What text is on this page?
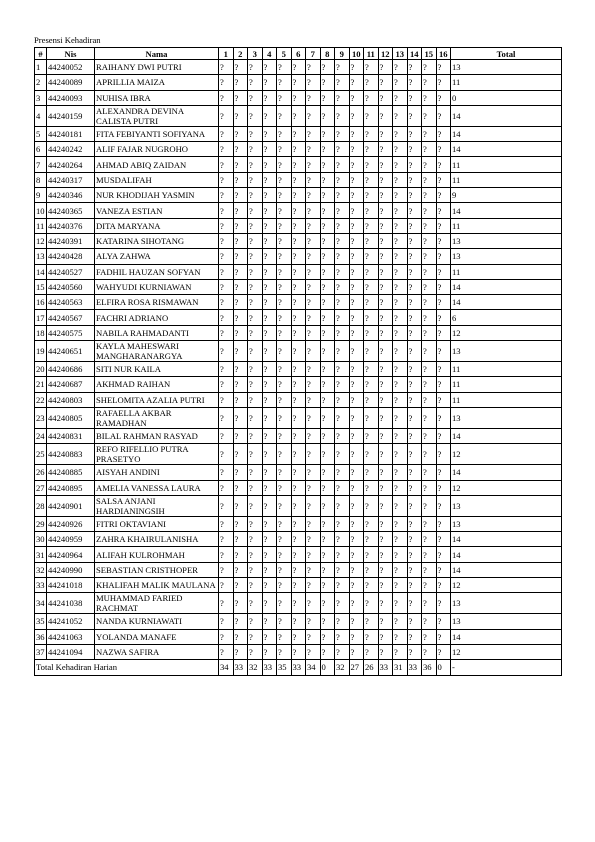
Presensi Kehadiran
#	Nis	Nama	1	2	3	4	5	6	7	8	9	10	11	12	13	14	15	16	Total
1	44240052	RAIHANY DWI PUTRI	?	?	?	?	?	?	?	?	?	?	?	?	?	?	?	?	13
2	44240089	APRILLIA MAIZA	?	?	?	?	?	?	?	?	?	?	?	?	?	?	?	?	11
3	44240093	NUHISA IBRA	?	?	?	?	?	?	?	?	?	?	?	?	?	?	?	?	0
4	44240159	ALEXANDRA DEVINA CALISTA PUTRI	?	?	?	?	?	?	?	?	?	?	?	?	?	?	?	?	14
5	44240181	FITA FEBIYANTI SOFIYANA	?	?	?	?	?	?	?	?	?	?	?	?	?	?	?	?	14
6	44240242	ALIF FAJAR NUGROHO	?	?	?	?	?	?	?	?	?	?	?	?	?	?	?	?	14
7	44240264	AHMAD ABIQ ZAIDAN	?	?	?	?	?	?	?	?	?	?	?	?	?	?	?	?	11
8	44240317	MUSDALIFAH	?	?	?	?	?	?	?	?	?	?	?	?	?	?	?	?	11
9	44240346	NUR KHODIJAH YASMIN	?	?	?	?	?	?	?	?	?	?	?	?	?	?	?	?	9
10	44240365	VANEZA ESTIAN	?	?	?	?	?	?	?	?	?	?	?	?	?	?	?	?	14
11	44240376	DITA MARYANA	?	?	?	?	?	?	?	?	?	?	?	?	?	?	?	?	11
12	44240391	KATARINA SIHOTANG	?	?	?	?	?	?	?	?	?	?	?	?	?	?	?	?	13
13	44240428	ALYA ZAHWA	?	?	?	?	?	?	?	?	?	?	?	?	?	?	?	?	13
14	44240527	FADHIL HAUZAN SOFYAN	?	?	?	?	?	?	?	?	?	?	?	?	?	?	?	?	11
15	44240560	WAHYUDI KURNIAWAN	?	?	?	?	?	?	?	?	?	?	?	?	?	?	?	?	14
16	44240563	ELFIRA ROSA RISMAWAN	?	?	?	?	?	?	?	?	?	?	?	?	?	?	?	?	14
17	44240567	FACHRI ADRIANO	?	?	?	?	?	?	?	?	?	?	?	?	?	?	?	?	6
18	44240575	NABILA RAHMADANTI	?	?	?	?	?	?	?	?	?	?	?	?	?	?	?	?	12
19	44240651	KAYLA MAHESWARI MANGHARANARGYA	?	?	?	?	?	?	?	?	?	?	?	?	?	?	?	?	13
20	44240686	SITI NUR KAILA	?	?	?	?	?	?	?	?	?	?	?	?	?	?	?	?	11
21	44240687	AKHMAD RAIHAN	?	?	?	?	?	?	?	?	?	?	?	?	?	?	?	?	11
22	44240803	SHELOMITA AZALIA PUTRI	?	?	?	?	?	?	?	?	?	?	?	?	?	?	?	?	11
23	44240805	RAFAELLA AKBAR RAMADHAN	?	?	?	?	?	?	?	?	?	?	?	?	?	?	?	?	13
24	44240831	BILAL RAHMAN RASYAD	?	?	?	?	?	?	?	?	?	?	?	?	?	?	?	?	14
25	44240883	REFO RIFELLIO PUTRA PRASETYO	?	?	?	?	?	?	?	?	?	?	?	?	?	?	?	?	12
26	44240885	AISYAH ANDINI	?	?	?	?	?	?	?	?	?	?	?	?	?	?	?	?	14
27	44240895	AMELIA VANESSA LAURA	?	?	?	?	?	?	?	?	?	?	?	?	?	?	?	?	12
28	44240901	SALSA ANJANI HARDIANINGSIH	?	?	?	?	?	?	?	?	?	?	?	?	?	?	?	?	13
29	44240926	FITRI OKTAVIANI	?	?	?	?	?	?	?	?	?	?	?	?	?	?	?	?	13
30	44240959	ZAHRA KHAIRULANISHA	?	?	?	?	?	?	?	?	?	?	?	?	?	?	?	?	14
31	44240964	ALIFAH KULROHMAH	?	?	?	?	?	?	?	?	?	?	?	?	?	?	?	?	14
32	44240990	SEBASTIAN CRISTHOPER	?	?	?	?	?	?	?	?	?	?	?	?	?	?	?	?	14
33	44241018	KHALIFAH MALIK MAULANA	?	?	?	?	?	?	?	?	?	?	?	?	?	?	?	?	12
34	44241038	MUHAMMAD FARIED RACHMAT	?	?	?	?	?	?	?	?	?	?	?	?	?	?	?	?	13
35	44241052	NANDA KURNIAWATI	?	?	?	?	?	?	?	?	?	?	?	?	?	?	?	?	13
36	44241063	YOLANDA MANAFE	?	?	?	?	?	?	?	?	?	?	?	?	?	?	?	?	14
37	44241094	NAZWA SAFIRA	?	?	?	?	?	?	?	?	?	?	?	?	?	?	?	?	12
Total Kehadiran Harian			34	33	32	33	35	33	34	0	32	27	26	33	31	33	36	0	-
